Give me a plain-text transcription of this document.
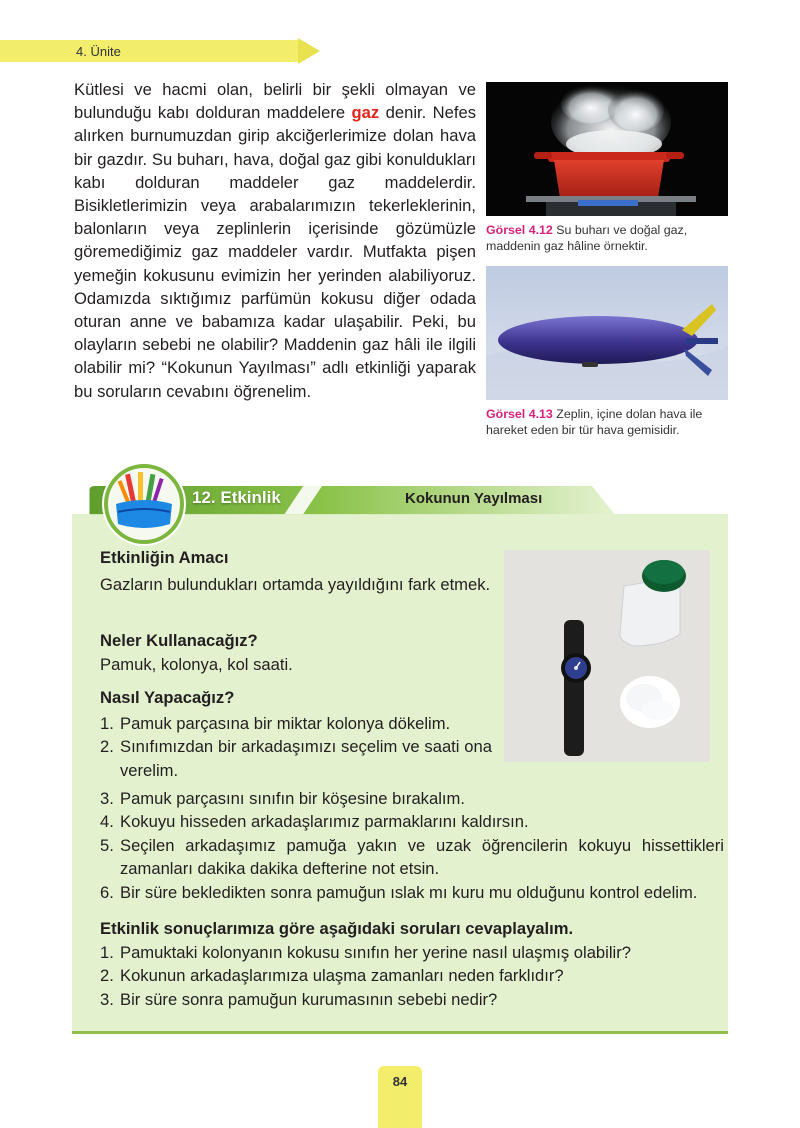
4. Ünite

Kütlesi ve hacmi olan, belirli bir şekli olmayan ve bulunduğu kabı dolduran maddelere gaz denir. Nefes alırken burnumuzdan girip akciğerlerimize dolan hava bir gazdır. Su buharı, hava, doğal gaz gibi konuldukları kabı dolduran maddeler gaz maddelerdir. Bisikletlerimizin veya arabalarımızın tekerleklerinin, balonların veya zeplinlerin içerisinde gözümüzle göremediğimiz gaz maddeler vardır. Mutfakta pişen yemeğin kokusunu evimizin her yerinden alabiliyoruz. Odamızda sıktığımız parfümün kokusu diğer odada oturan anne ve babamıza kadar ulaşabilir. Peki, bu olayların sebebi ne olabilir? Maddenin gaz hâli ile ilgili olabilir mi? “Kokunun Yayılması” adlı etkinliği yaparak bu soruların cevabını öğrenelim.

Görsel 4.12 Su buharı ve doğal gaz, maddenin gaz hâline örnektir.

Görsel 4.13 Zeplin, içine dolan hava ile hareket eden bir tür hava gemisidir.

12. Etkinlik	Kokunun Yayılması
Etkinliğin Amacı
Gazların bulundukları ortamda yayıldığını fark etmek.
Neler Kullanacağız?
Pamuk, kolonya, kol saati.
Nasıl Yapacağız?
1. Pamuk parçasına bir miktar kolonya dökelim.
2. Sınıfımızdan bir arkadaşımızı seçelim ve saati ona verelim.
3. Pamuk parçasını sınıfın bir köşesine bırakalım.
4. Kokuyu hisseden arkadaşlarımız parmaklarını kaldırsın.
5. Seçilen arkadaşımız pamuğa yakın ve uzak öğrencilerin kokuyu hissettikleri zamanları dakika dakika defterine not etsin.
6. Bir süre bekledikten sonra pamuğun ıslak mı kuru mu olduğunu kontrol edelim.
Etkinlik sonuçlarımıza göre aşağıdaki soruları cevaplayalım.
1. Pamuktaki kolonyanın kokusu sınıfın her yerine nasıl ulaşmış olabilir?
2. Kokunun arkadaşlarımıza ulaşma zamanları neden farklıdır?
3. Bir süre sonra pamuğun kurumasının sebebi nedir?
84
